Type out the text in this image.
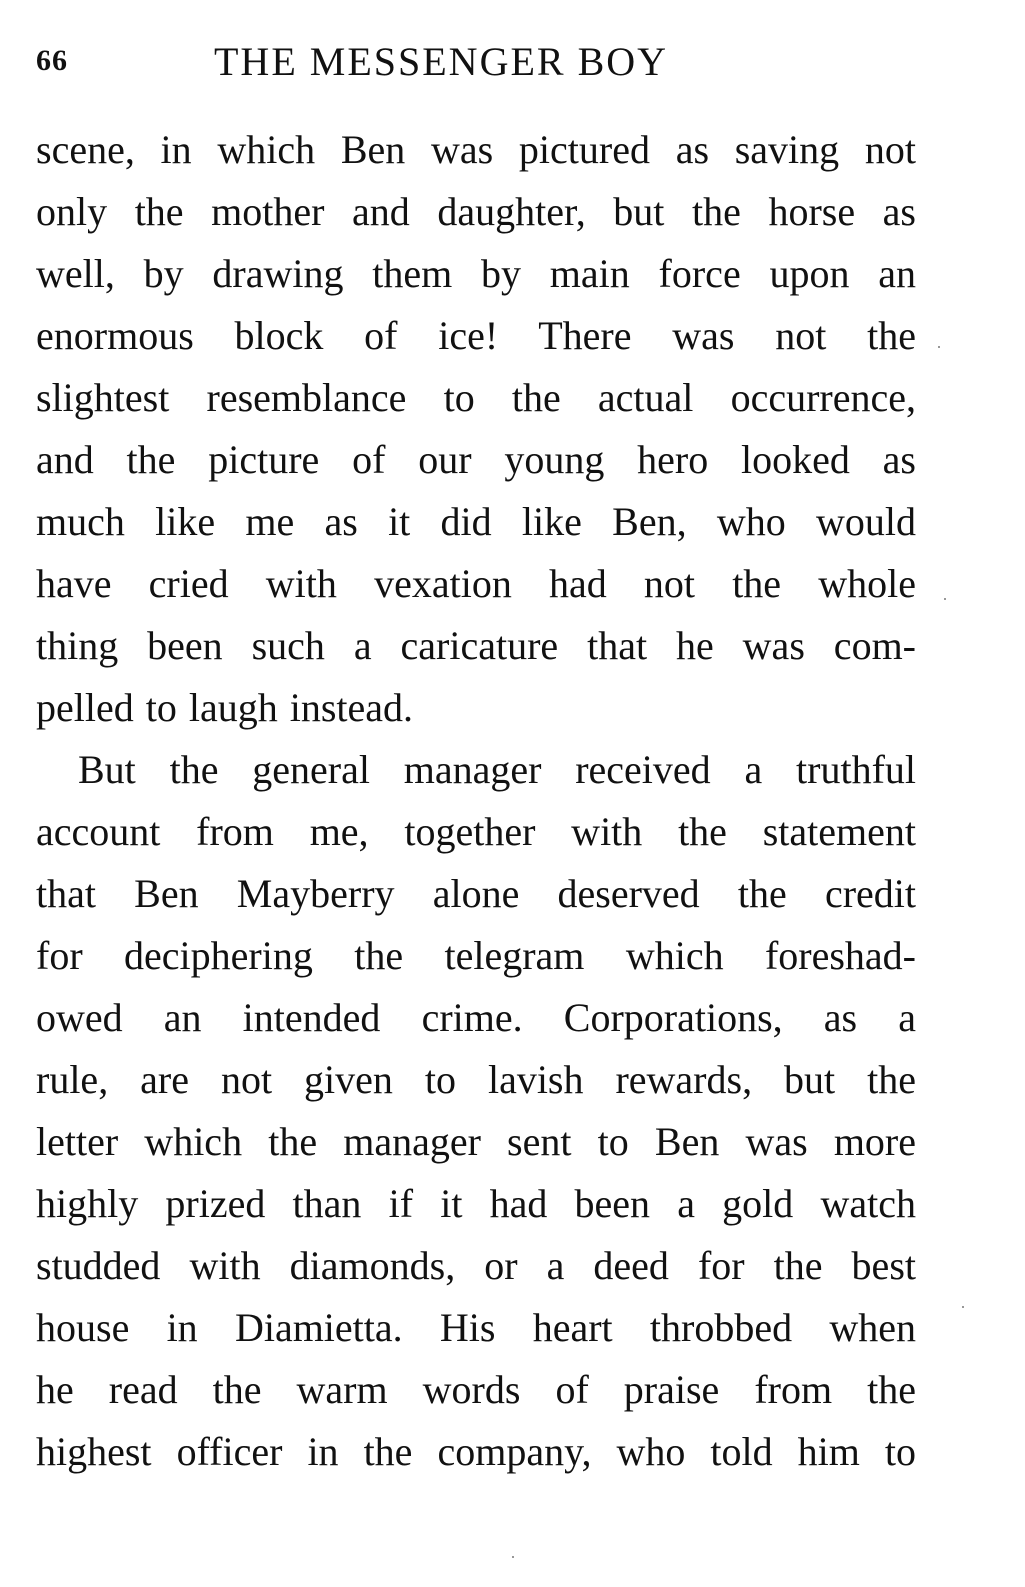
66	THE MESSENGER BOY
scene, in which Ben was pictured as saving not
only the mother and daughter, but the horse as
well, by drawing them by main force upon an
enormous block of ice! There was not the
slightest resemblance to the actual occurrence,
and the picture of our young hero looked as
much like me as it did like Ben, who would
have cried with vexation had not the whole
thing been such a caricature that he was com-
pelled to laugh instead.
But the general manager received a truthful
account from me, together with the statement
that Ben Mayberry alone deserved the credit
for deciphering the telegram which foreshad-
owed an intended crime. Corporations, as a
rule, are not given to lavish rewards, but the
letter which the manager sent to Ben was more
highly prized than if it had been a gold watch
studded with diamonds, or a deed for the best
house in Diamietta. His heart throbbed when
he read the warm words of praise from the
highest officer in the company, who told him to
